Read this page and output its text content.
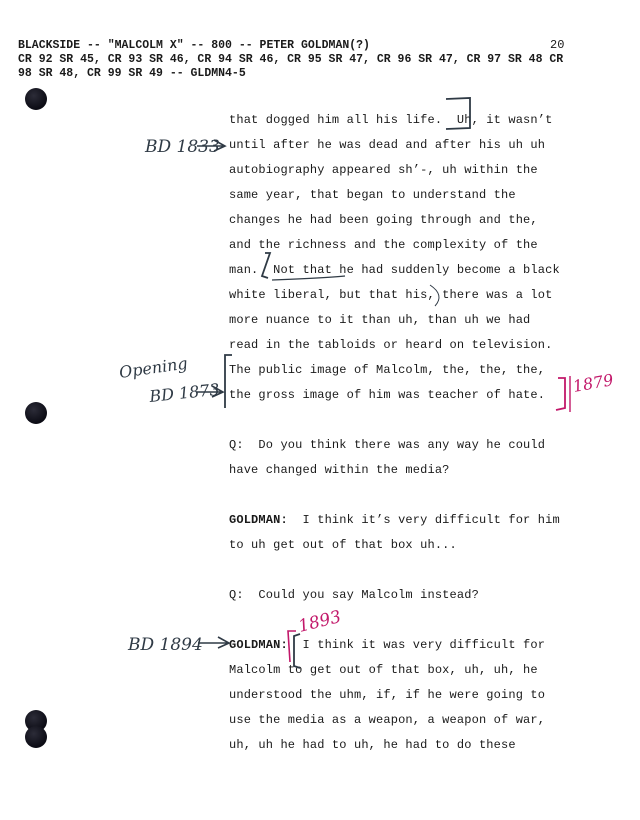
BLACKSIDE -- "MALCOLM X" -- 800 -- PETER GOLDMAN(?)	20
CR 92 SR 45, CR 93 SR 46, CR 94 SR 46, CR 95 SR 47, CR 96 SR 47, CR 97 SR 48 CR
98 SR 48, CR 99 SR 49 -- GLDMN4-5
that dogged him all his life.  Uh, it wasn’t
until after he was dead and after his uh uh
autobiography appeared sh’-, uh within the
same year, that began to understand the
changes he had been going through and the,
and the richness and the complexity of the
man.  Not that he had suddenly become a black
white liberal, but that his, there was a lot
more nuance to it than uh, than uh we had
read in the tabloids or heard on television.
The public image of Malcolm, the, the, the,
the gross image of him was teacher of hate.
Q:  Do you think there was any way he could
have changed within the media?
GOLDMAN:  I think it’s very difficult for him
to uh get out of that box uh...
Q:  Could you say Malcolm instead?
GOLDMAN:  I think it was very difficult for
Malcolm to get out of that box, uh, uh, he
understood the uhm, if, if he were going to
use the media as a weapon, a weapon of war,
uh, uh he had to uh, he had to do these
BD 1833
Opening
BD 1873	1879
BD 1894
1893
